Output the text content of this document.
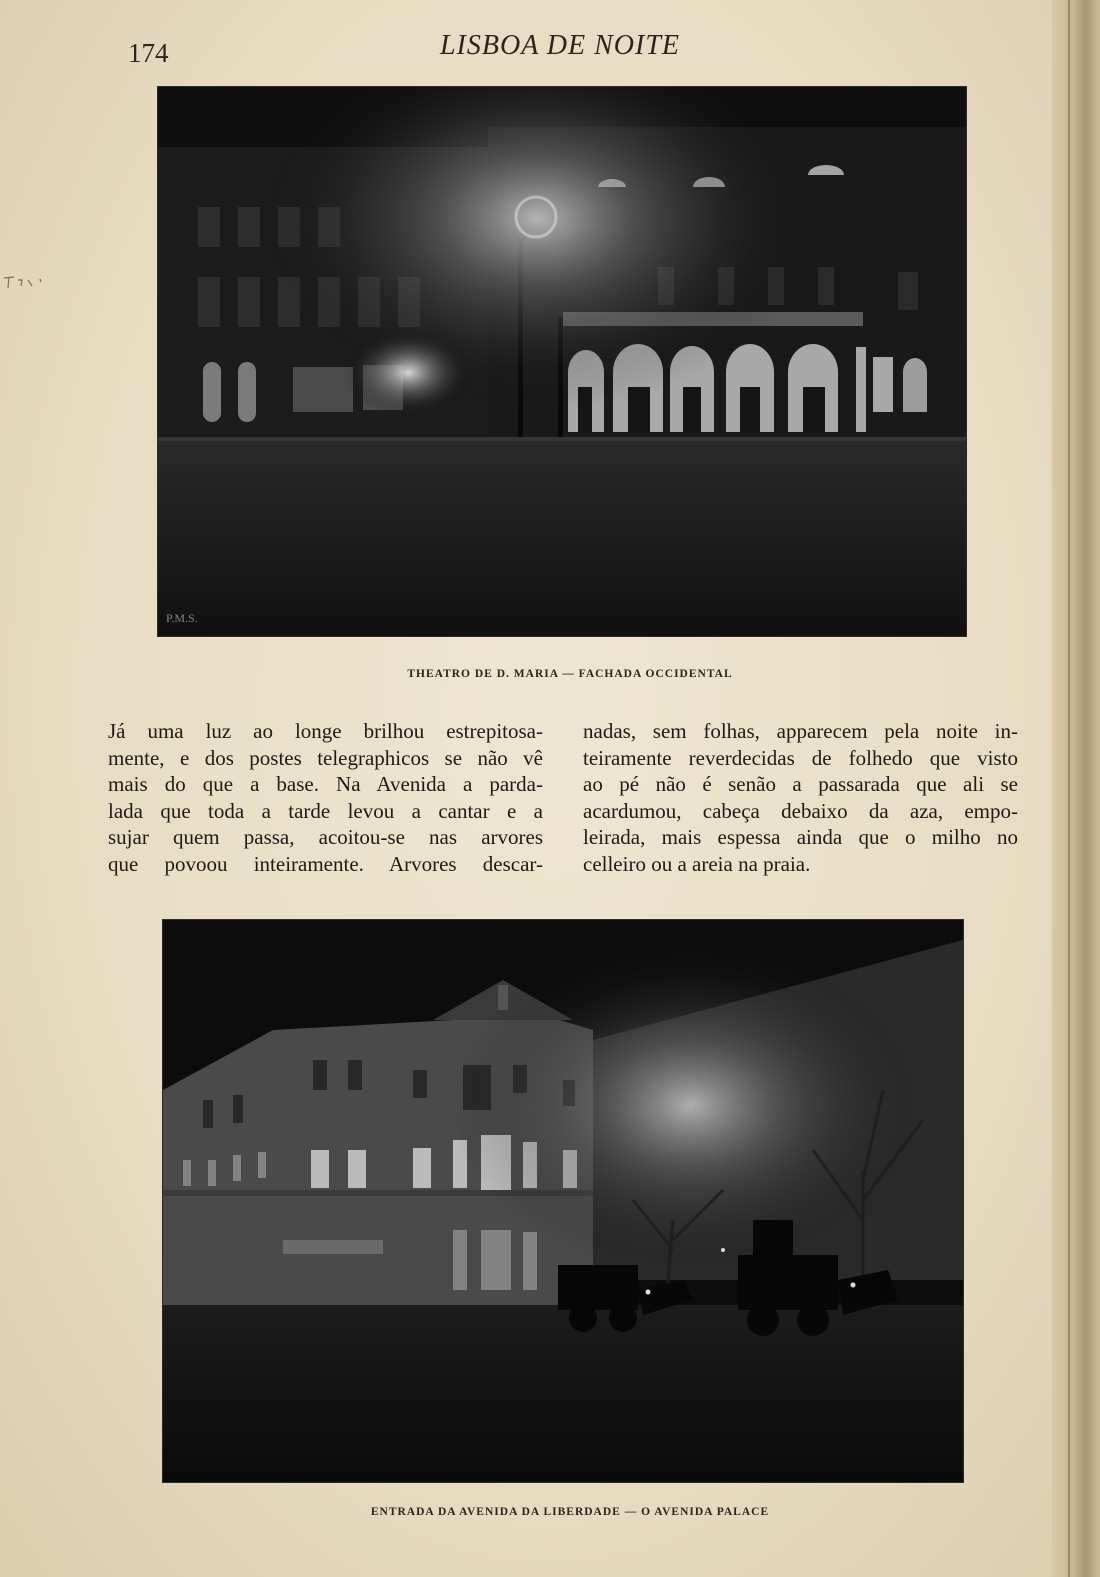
174	LISBOA DE NOITE
P.M.S.
THEATRO DE D. MARIA — FACHADA OCCIDENTAL
Já uma luz ao longe brilhou estrepitosa-
mente, e dos postes telegraphicos se não vê
mais do que a base. Na Avenida a parda-
lada que toda a tarde levou a cantar e a
sujar quem passa, acoitou-se nas arvores
que povoou inteiramente. Arvores descar-
nadas, sem folhas, apparecem pela noite in-
teiramente reverdecidas de folhedo que visto
ao pé não é senão a passarada que ali se
acardumou, cabeça debaixo da aza, empo-
leirada, mais espessa ainda que o milho no
celleiro ou a areia na praia.
ENTRADA DA AVENIDA DA LIBERDADE — O AVENIDA PALACE
